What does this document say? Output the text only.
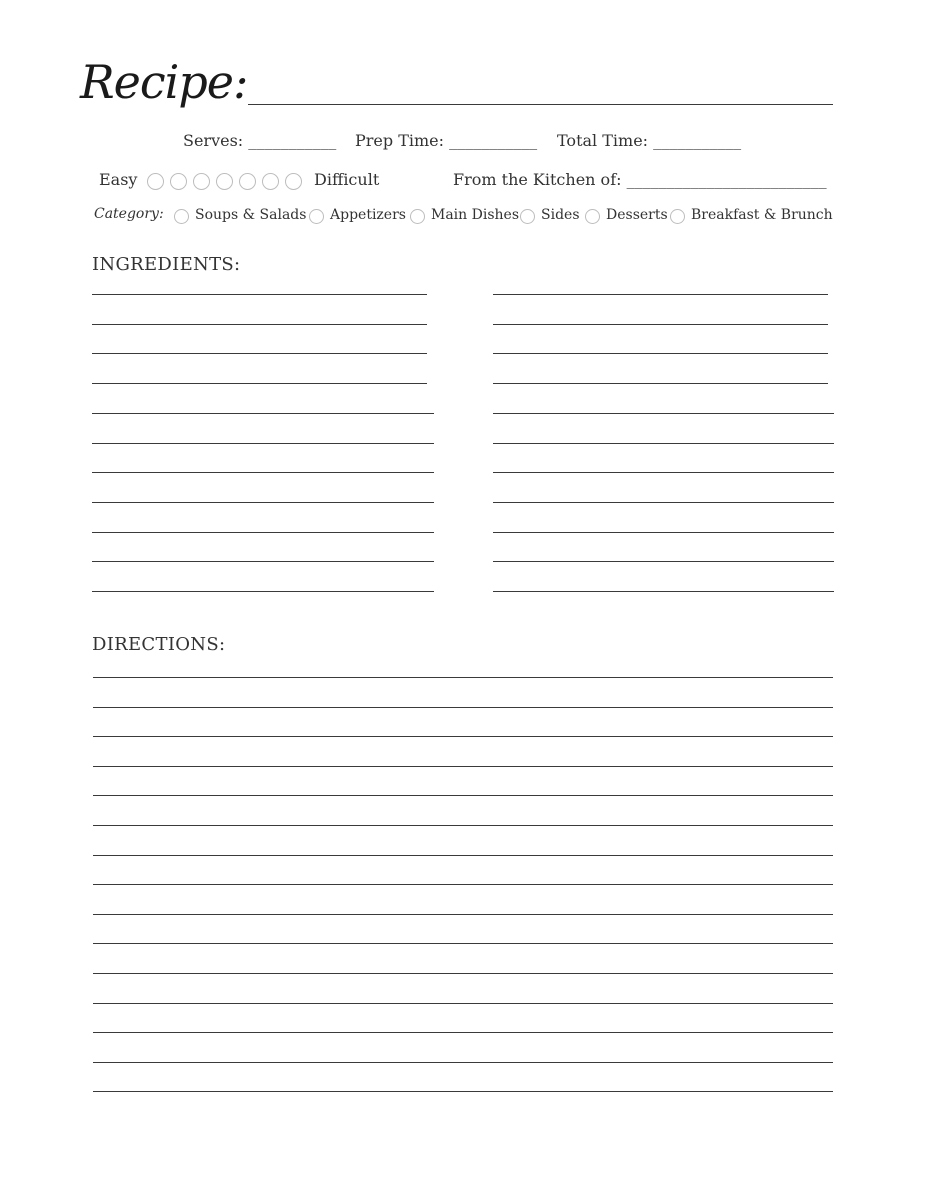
Recipe:
Serves: ___________ Prep Time: ___________ Total Time: ___________
Easy	Difficult	From the Kitchen of: _________________________
Category: Soups & Salads Appetizers Main Dishes Sides Desserts Breakfast & Brunch
INGREDIENTS:
DIRECTIONS:
